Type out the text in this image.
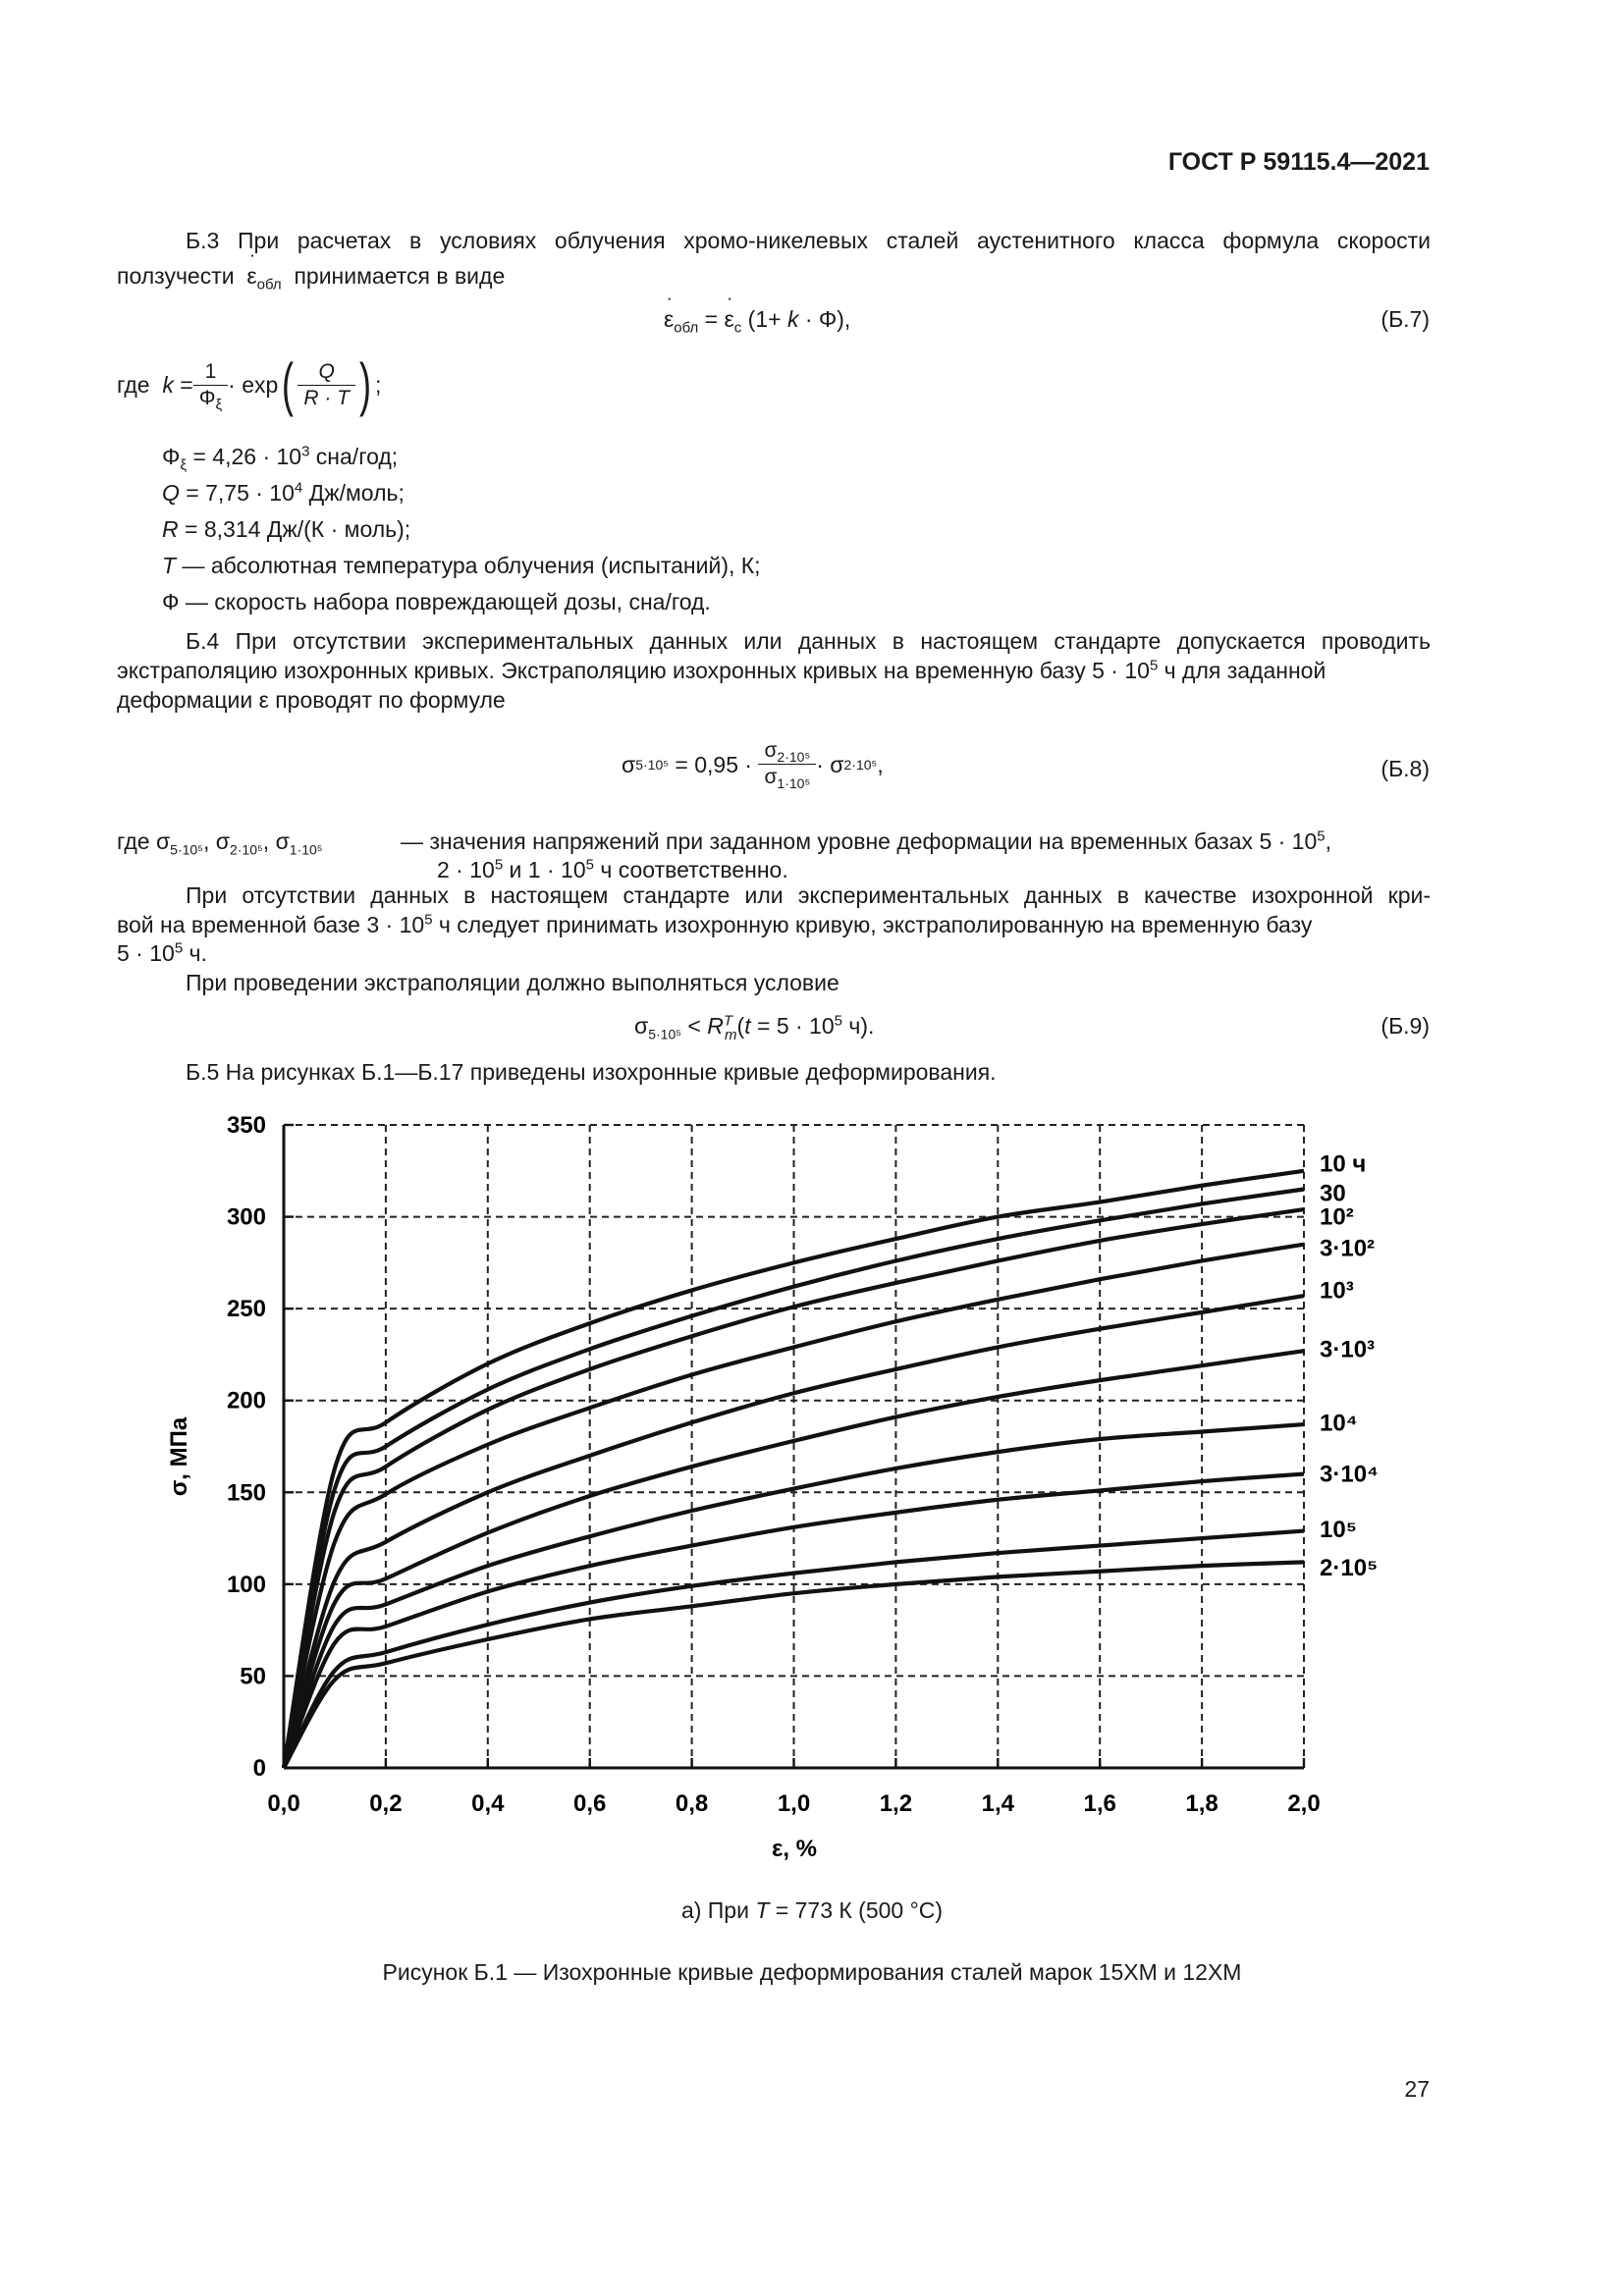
ГОСТ Р 59115.4—2021
Б.3 При расчетах в условиях облучения хромо-никелевых сталей аустенитного класса формула скорости
ползучести  ˙ $\varepsilon_{обл}$ принимается в виде
˙ $\varepsilon_{обл}$ = ˙ $\varepsilon_c$ (1+ k · Φ),	(Б.7)
где
k
= $\frac{1}{\Phi_\xi}$ ·
exp ( $\frac{Q}{R \cdot T}$ ) ;
$\Phi_\xi = 4,26 \cdot 10^3$ сна/год;
$Q = 7,75 \cdot 10^4$ Дж/моль;
R = 8,314 Дж/(К · моль);
T — абсолютная температура облучения (испытаний), К;
Ф — скорость набора повреждающей дозы, сна/год.
Б.4 При отсутствии экспериментальных данных или данных в настоящем стандарте допускается проводить
экстраполяцию изохронных кривых. Экстраполяцию изохронных кривых на временную базу $5 \cdot 10^5$ ч для заданной
деформации ε проводят по формуле
σ $5\cdot 10^5 = 0,95 \cdot \frac{\sigma_{2\cdot 10^5}}{\sigma_{1\cdot 10^5}} \cdot \sigma$ 2·10⁵ ,	(Б.8)
где $\sigma_{5\cdot 10^5}$, $\sigma_{2\cdot 10^5}$, $\sigma_{1\cdot 10^5}$	— значения напряжений при заданном уровне деформации на временных базах $5 \cdot 10^5$,
$2 \cdot 10^5$ и $1 \cdot 10^5$ ч соответственно.
При отсутствии данных в настоящем стандарте или экспериментальных данных в качестве изохронной кри-
вой на временной базе $3 \cdot 10^5$ ч следует принимать изохронную кривую, экстраполированную на временную базу
$5 \cdot 10^5$ ч.
При проведении экстраполяции должно выполняться условие
$\sigma_{5\cdot 10^5} < R^T_m(t = 5 \cdot 10^5$ ч).	(Б.9)
Б.5 На рисунках Б.1—Б.17 приведены изохронные кривые деформирования.
0,0	0,2	0,4	0,6	0,8	1,0	1,2	1,4	1,6	1,8	2,0
0
50
100
150
200
250
300
350
10 ч
30
10²
3·10²
10³
3·10³
10⁴
3·10⁴
10⁵
2·10⁵
σ, МПа
ε, %
а) При T = 773 К (500 °С)
Рисунок Б.1 — Изохронные кривые деформирования сталей марок 15ХМ и 12ХМ
27
